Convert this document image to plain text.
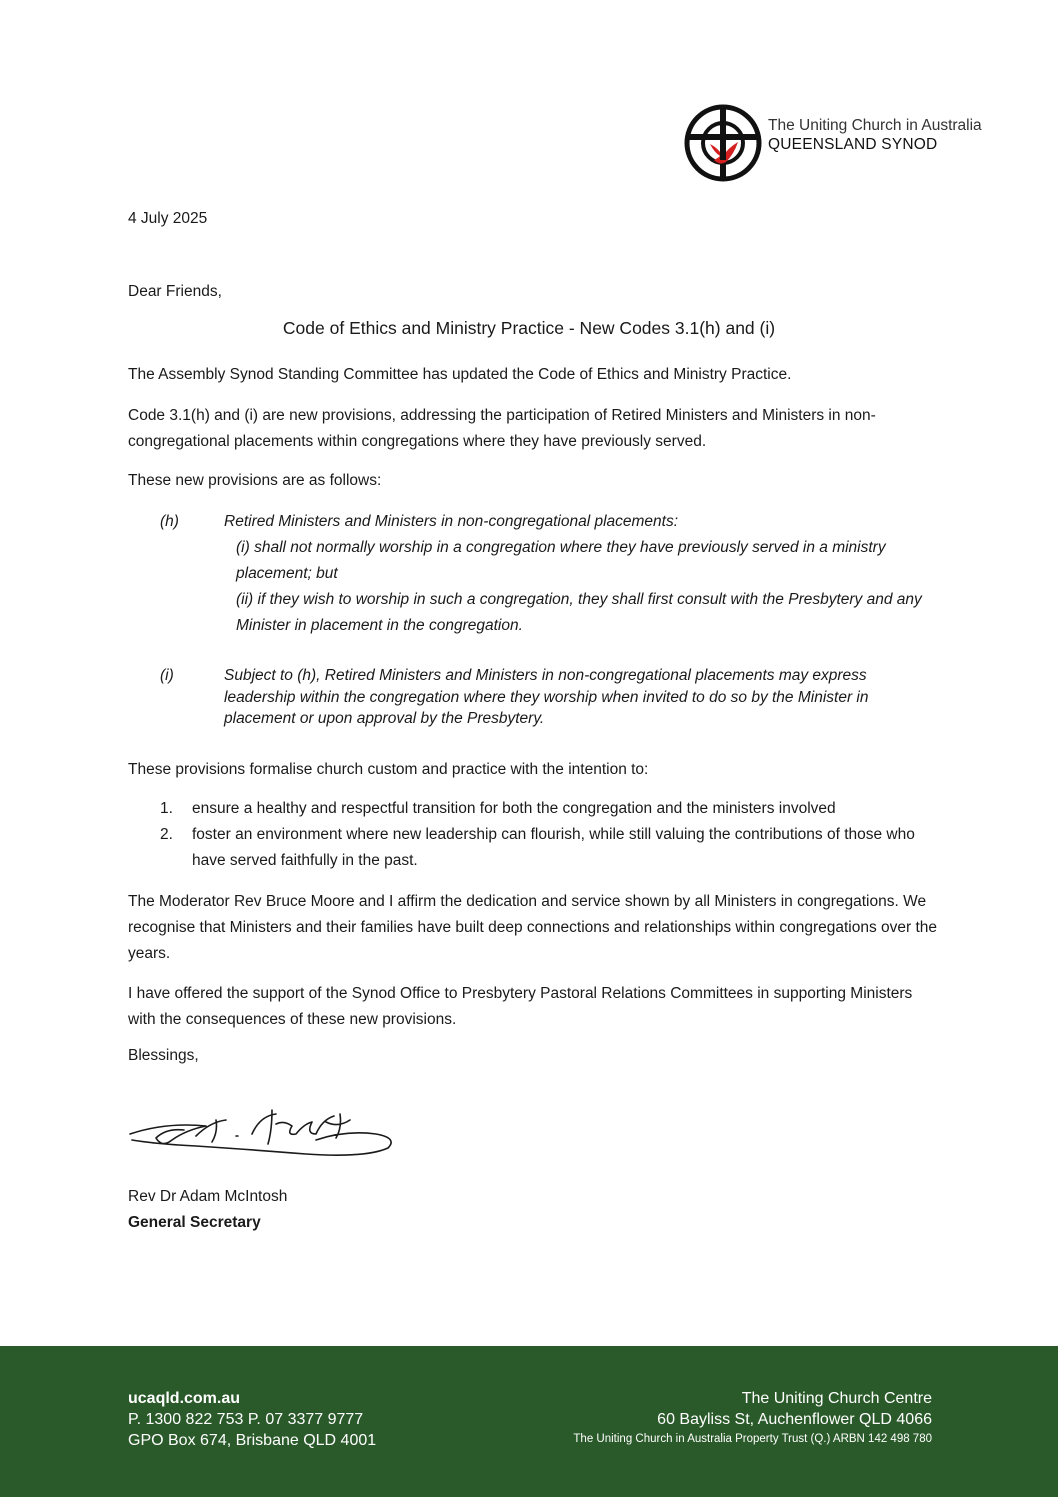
The Uniting Church in Australia
QUEENSLAND SYNOD
4 July 2025
Dear Friends,
Code of Ethics and Ministry Practice - New Codes 3.1(h) and (i)
The Assembly Synod Standing Committee has updated the Code of Ethics and Ministry Practice.
Code 3.1(h) and (i) are new provisions, addressing the participation of Retired Ministers and Ministers in non-congregational placements within congregations where they have previously served.
These new provisions are as follows:
(h)	Retired Ministers and Ministers in non-congregational placements:
(i) shall not normally worship in a congregation where they have previously served in a ministry placement; but
(ii) if they wish to worship in such a congregation, they shall first consult with the Presbytery and any Minister in placement in the congregation.
(i)	Subject to (h), Retired Ministers and Ministers in non-congregational placements may express leadership within the congregation where they worship when invited to do so by the Minister in placement or upon approval by the Presbytery.
These provisions formalise church custom and practice with the intention to:
1. ensure a healthy and respectful transition for both the congregation and the ministers involved
2. foster an environment where new leadership can flourish, while still valuing the contributions of those who have served faithfully in the past.
The Moderator Rev Bruce Moore and I affirm the dedication and service shown by all Ministers in congregations. We recognise that Ministers and their families have built deep connections and relationships within congregations over the years.
I have offered the support of the Synod Office to Presbytery Pastoral Relations Committees in supporting Ministers with the consequences of these new provisions.
Blessings,
Rev Dr Adam McIntosh
General Secretary
ucaqld.com.au
P. 1300 822 753 P. 07 3377 9777
GPO Box 674, Brisbane QLD 4001
The Uniting Church Centre
60 Bayliss St, Auchenflower QLD 4066
The Uniting Church in Australia Property Trust (Q.) ARBN 142 498 780
